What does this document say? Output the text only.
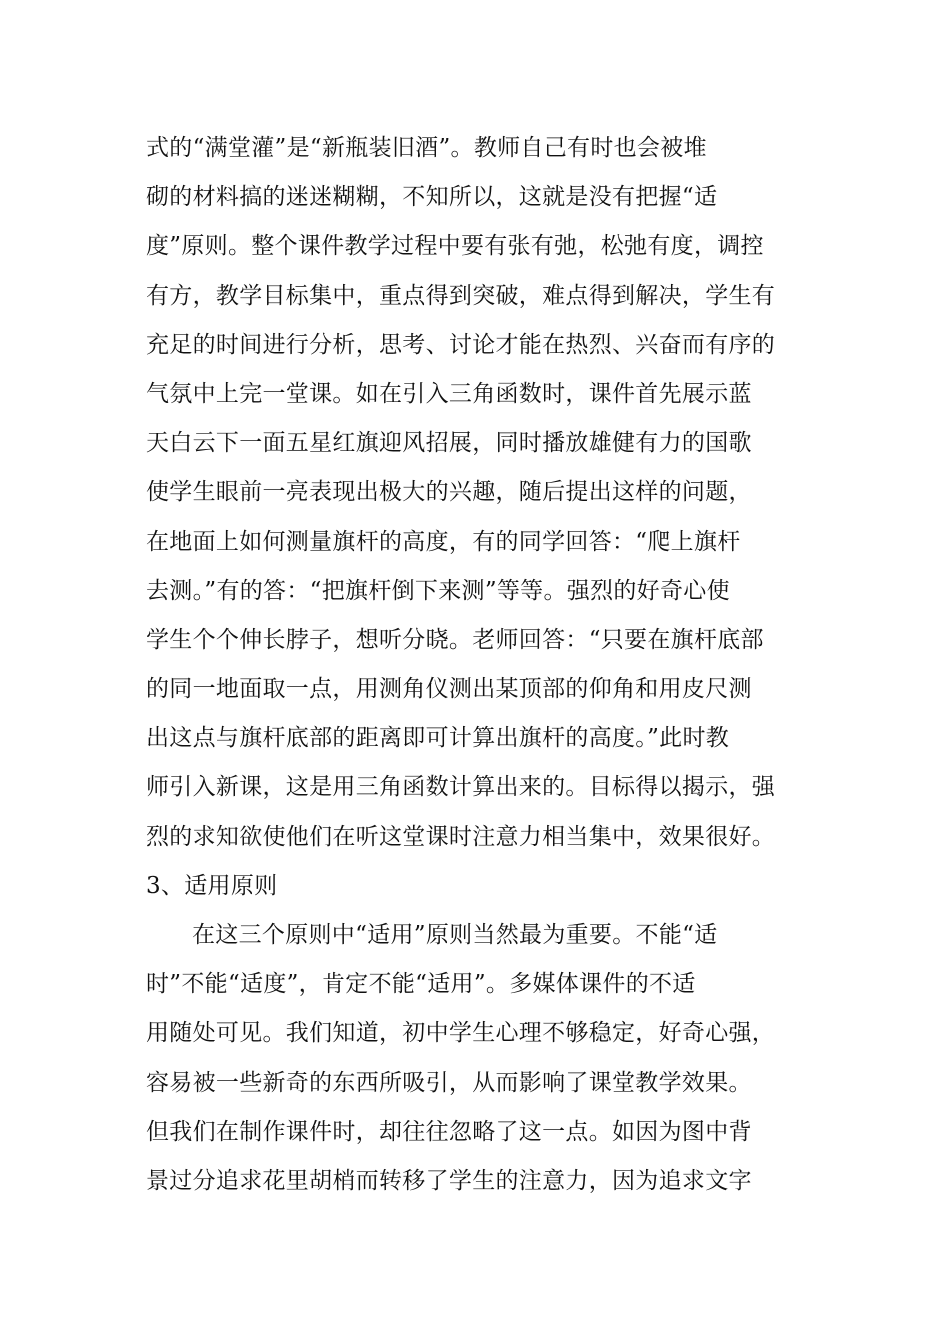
式的“满堂灌”是“新瓶装旧酒”。教师自己有时也会被堆
砌的材料搞的迷迷糊糊，不知所以，这就是没有把握“适
度”原则。整个课件教学过程中要有张有弛，松弛有度，调控
有方，教学目标集中，重点得到突破，难点得到解决，学生有
充足的时间进行分析，思考、讨论才能在热烈、兴奋而有序的
气氛中上完一堂课。如在引入三角函数时，课件首先展示蓝
天白云下一面五星红旗迎风招展，同时播放雄健有力的国歌
使学生眼前一亮表现出极大的兴趣，随后提出这样的问题，
在地面上如何测量旗杆的高度，有的同学回答：“爬上旗杆
去测。”有的答：“把旗杆倒下来测”等等。强烈的好奇心使
学生个个伸长脖子，想听分晓。老师回答：“只要在旗杆底部
的同一地面取一点，用测角仪测出某顶部的仰角和用皮尺测
出这点与旗杆底部的距离即可计算出旗杆的高度。”此时教
师引入新课，这是用三角函数计算出来的。目标得以揭示，强
烈的求知欲使他们在听这堂课时注意力相当集中，效果很好。
3、适用原则
在这三个原则中“适用”原则当然最为重要。不能“适
时”不能“适度”，肯定不能“适用”。多媒体课件的不适
用随处可见。我们知道，初中学生心理不够稳定，好奇心强，
容易被一些新奇的东西所吸引，从而影响了课堂教学效果。
但我们在制作课件时，却往往忽略了这一点。如因为图中背
景过分追求花里胡梢而转移了学生的注意力，因为追求文字
